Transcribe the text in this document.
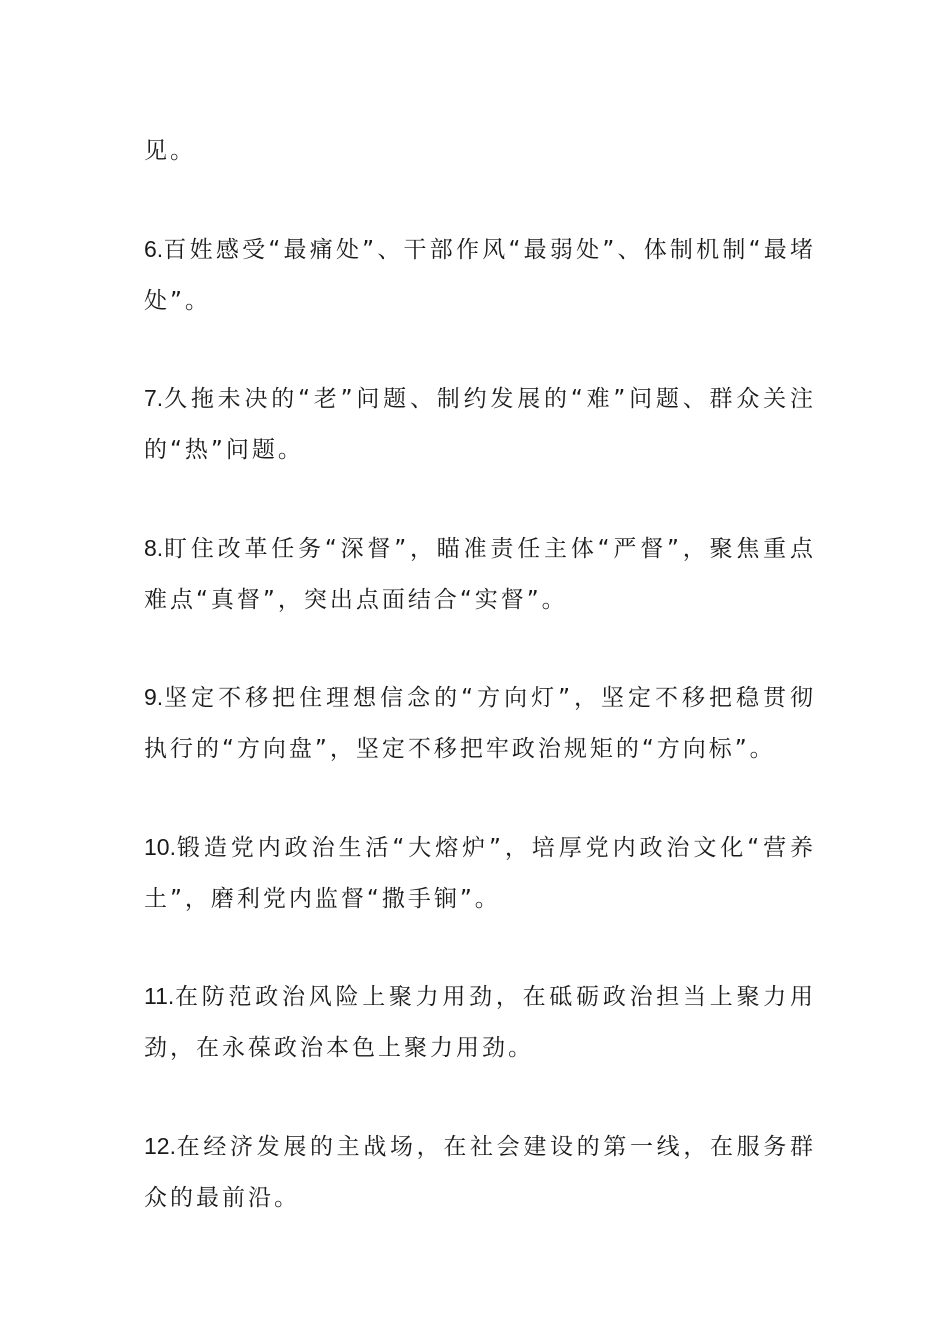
见。

6.百姓感受“最痛处”、干部作风“最弱处”、体制机制“最堵处”。

7.久拖未决的“老”问题、制约发展的“难”问题、群众关注的“热”问题。

8.盯住改革任务“深督”，瞄准责任主体“严督”，聚焦重点难点“真督”，突出点面结合“实督”。

9.坚定不移把住理想信念的“方向灯”，坚定不移把稳贯彻执行的“方向盘”，坚定不移把牢政治规矩的“方向标”。

10.锻造党内政治生活“大熔炉”，培厚党内政治文化“营养土”，磨利党内监督“撒手锏”。

11.在防范政治风险上聚力用劲，在砥砺政治担当上聚力用劲，在永葆政治本色上聚力用劲。

12.在经济发展的主战场，在社会建设的第一线，在服务群众的最前沿。
